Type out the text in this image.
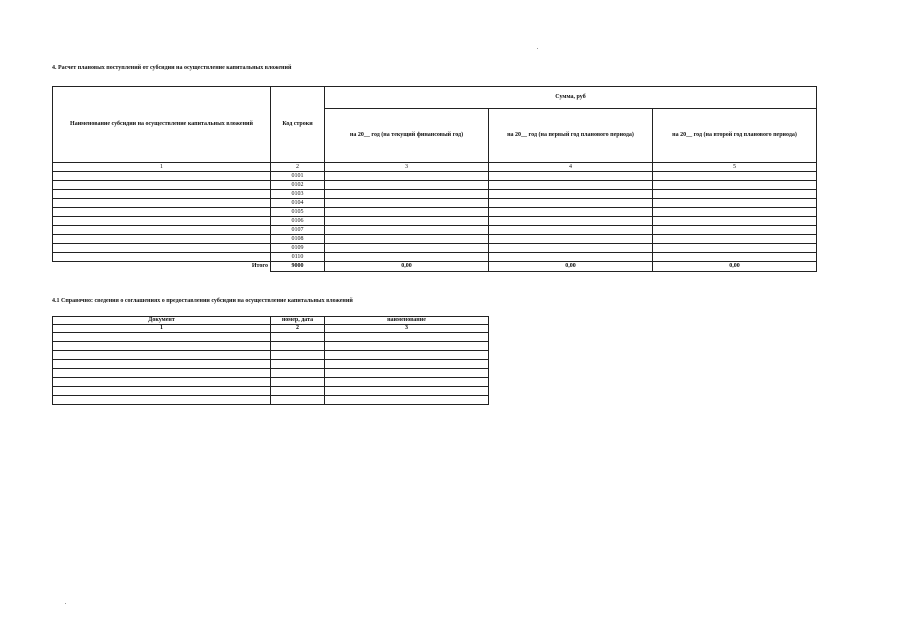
4. Расчет плановых поступлений от субсидии на осуществление капитальных вложений
Наименование субсидии на осуществление капитальных вложений	Код строки	Сумма, руб		
		на 20__ год (на текущий финансовый год)	на 20__ год (на первый год планового периода)	на 20__ год (на второй год планового периода)
1	2	3	4	5
	0101			
	0102			
	0103			
	0104			
	0105			
	0106			
	0107			
	0108			
	0109			
	0110			
Итого	9000	0,00	0,00	0,00
4.1 Справочно: сведения о соглашениях о предоставлении субсидии на осуществление капитальных вложений
Документ	номер, дата	наименование
1	2	3
